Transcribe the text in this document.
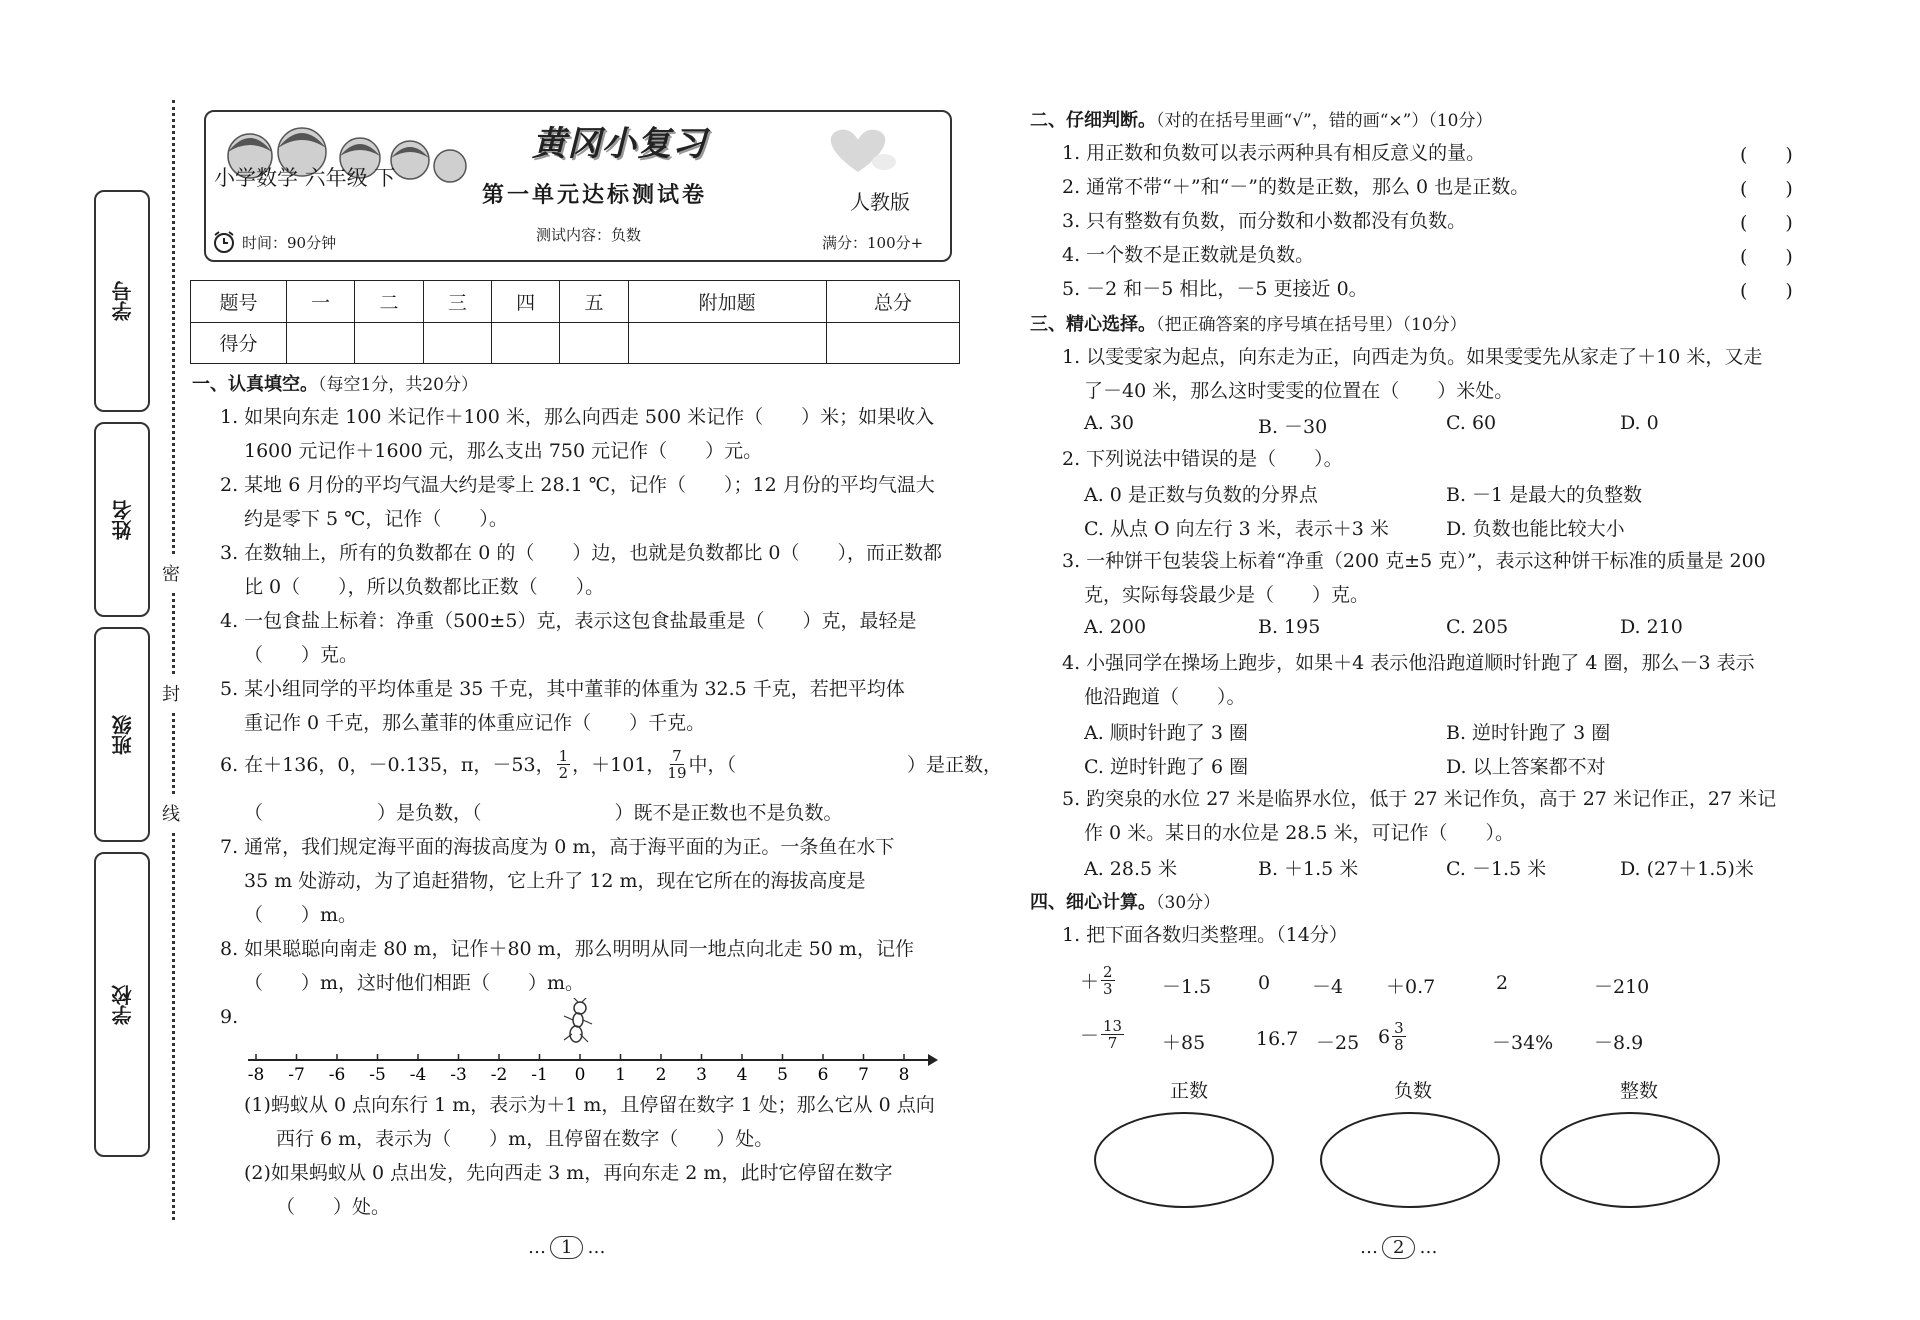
学号
姓名
班级
学校
密
封
线
黄冈小复习
小学数学 六年级 下
第一单元达标测试卷	人教版
时间：90分钟	测试内容：负数	满分：100分+
题号	一	二	三	四	五	附加题	总分
得分							
一、认真填空。（每空1分，共20分）
1. 如果向东走 100 米记作＋100 米，那么向西走 500 米记作（　　）米；如果收入
1600 元记作＋1600 元，那么支出 750 元记作（　　）元。
2. 某地 6 月份的平均气温大约是零上 28.1 ℃，记作（　　）；12 月份的平均气温大
约是零下 5 ℃，记作（　　）。
3. 在数轴上，所有的负数都在 0 的（　　）边，也就是负数都比 0（　　），而正数都
比 0（　　），所以负数都比正数（　　）。
4. 一包食盐上标着：净重（500±5）克，表示这包食盐最重是（　　）克，最轻是
（　　）克。
5. 某小组同学的平均体重是 35 千克，其中董菲的体重为 32.5 千克，若把平均体
重记作 0 千克，那么董菲的体重应记作（　　）千克。
6. 在＋136，0，－0.135，π，－53， $\frac{1}{2}$ ，＋101， $\frac{7}{19}$ 中，（　　　　　　　　　）是正数，
（　　　　　　）是负数，（　　　　　　　）既不是正数也不是负数。
7. 通常，我们规定海平面的海拔高度为 0 m，高于海平面的为正。一条鱼在水下
35 m 处游动，为了追赶猎物，它上升了 12 m，现在它所在的海拔高度是
（　　）m。
8. 如果聪聪向南走 80 m，记作＋80 m，那么明明从同一地点向北走 50 m，记作
（　　）m，这时他们相距（　　）m。
9.
-8 -7 -6 -5 -4 -3 -2 -1 0 1 2 3 4 5 6 7 8
(1)蚂蚁从 0 点向东行 1 m，表示为＋1 m，且停留在数字 1 处；那么它从 0 点向
西行 6 m，表示为（　　）m，且停留在数字（　　）处。
(2)如果蚂蚁从 0 点出发，先向西走 3 m，再向东走 2 m，此时它停留在数字
（　　）处。
… 1 …
二、仔细判断。（对的在括号里画“√”，错的画“×”）（10分）
1. 用正数和负数可以表示两种具有相反意义的量。	(　　)
2. 通常不带“＋”和“－”的数是正数，那么 0 也是正数。	(　　)
3. 只有整数有负数，而分数和小数都没有负数。	(　　)
4. 一个数不是正数就是负数。	(　　)
5. －2 和－5 相比，－5 更接近 0。	(　　)
三、精心选择。（把正确答案的序号填在括号里）（10分）
1. 以雯雯家为起点，向东走为正，向西走为负。如果雯雯先从家走了＋10 米，又走
了－40 米，那么这时雯雯的位置在（　　）米处。
A. 30	B. －30	C. 60	D. 0
2. 下列说法中错误的是（　　）。
A. 0 是正数与负数的分界点	B. －1 是最大的负整数
C. 从点 O 向左行 3 米，表示＋3 米	D. 负数也能比较大小
3. 一种饼干包装袋上标着“净重（200 克±5 克）”，表示这种饼干标准的质量是 200
克，实际每袋最少是（　　）克。
A. 200	B. 195	C. 205	D. 210
4. 小强同学在操场上跑步，如果＋4 表示他沿跑道顺时针跑了 4 圈，那么－3 表示
他沿跑道（　　）。
A. 顺时针跑了 3 圈	B. 逆时针跑了 3 圈
C. 逆时针跑了 6 圈	D. 以上答案都不对
5. 趵突泉的水位 27 米是临界水位，低于 27 米记作负，高于 27 米记作正，27 米记
作 0 米。某日的水位是 28.5 米，可记作（　　）。
A. 28.5 米	B. ＋1.5 米	C. －1.5 米	D. (27＋1.5)米
四、细心计算。（30分）
1. 把下面各数归类整理。（14分）
＋ $\frac{2}{3} -1.5$ 0 －4 ＋0.7	2	－210
－ $\frac{13}{7} +85$	16.7 －25 $6 \frac{3}{8}$	－34% －8.9
正数	负数	整数
… 2 …
